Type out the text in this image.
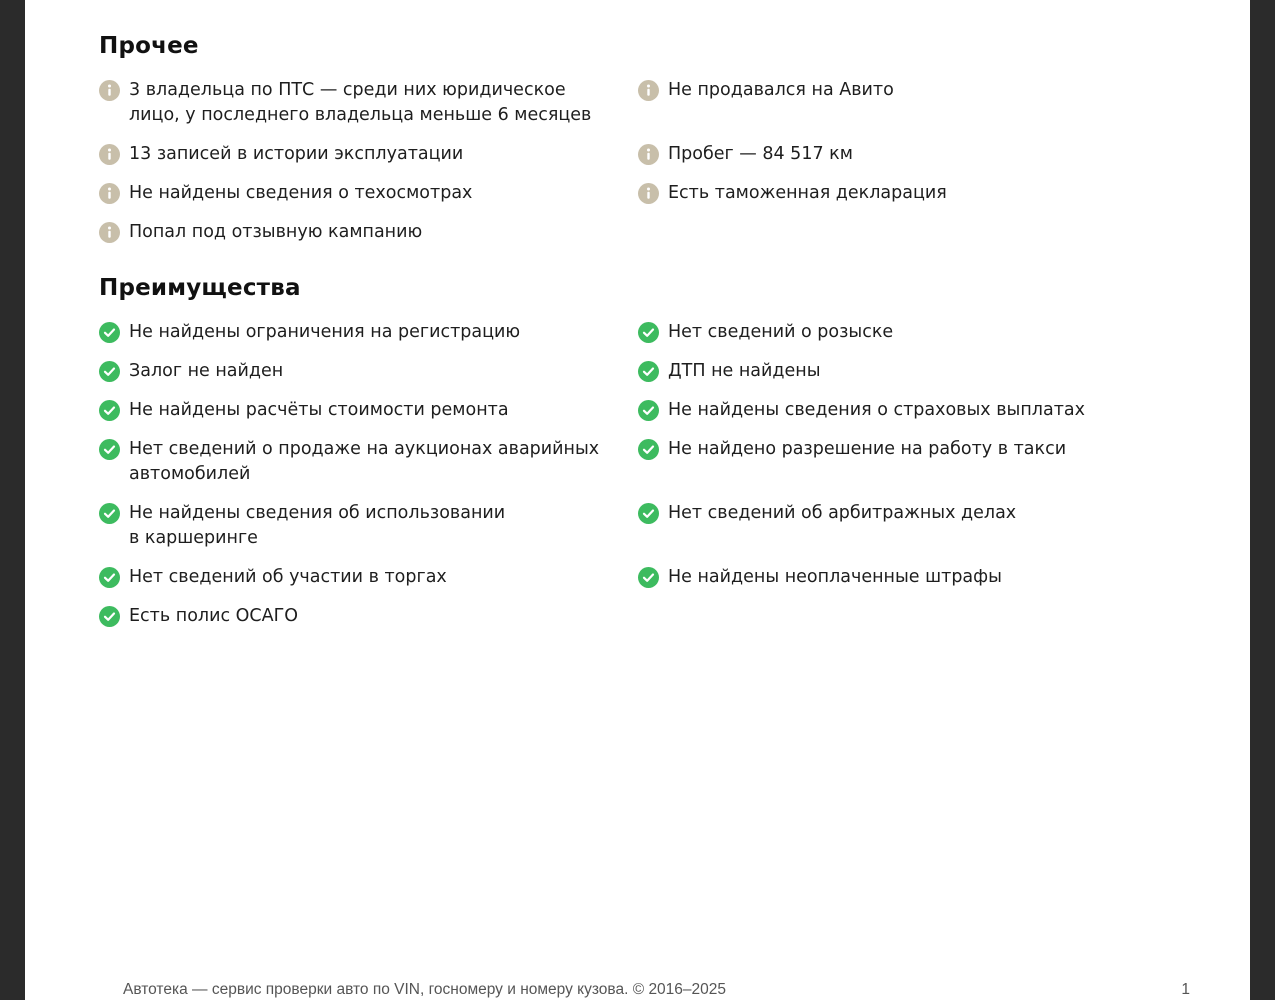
Прочее
3 владельца по ПТС — среди них юридическое
лицо, у последнего владельца меньше 6 месяцев
Не продавался на Авито
13 записей в истории эксплуатации	Пробег — 84 517 км
Не найдены сведения о техосмотрах	Есть таможенная декларация
Попал под отзывную кампанию
Преимущества
Не найдены ограничения на регистрацию	Нет сведений о розыске
Залог не найден	ДТП не найдены
Не найдены расчёты стоимости ремонта	Не найдены сведения о страховых выплатах
Нет сведений о продаже на аукционах аварийных
автомобилей
Не найдено разрешение на работу в такси
Не найдены сведения об использовании
в каршеринге
Нет сведений об арбитражных делах
Нет сведений об участии в торгах	Не найдены неоплаченные штрафы
Есть полис ОСАГО
Автотека — сервис проверки авто по VIN, госномеру и номеру кузова. © 2016–2025	1
